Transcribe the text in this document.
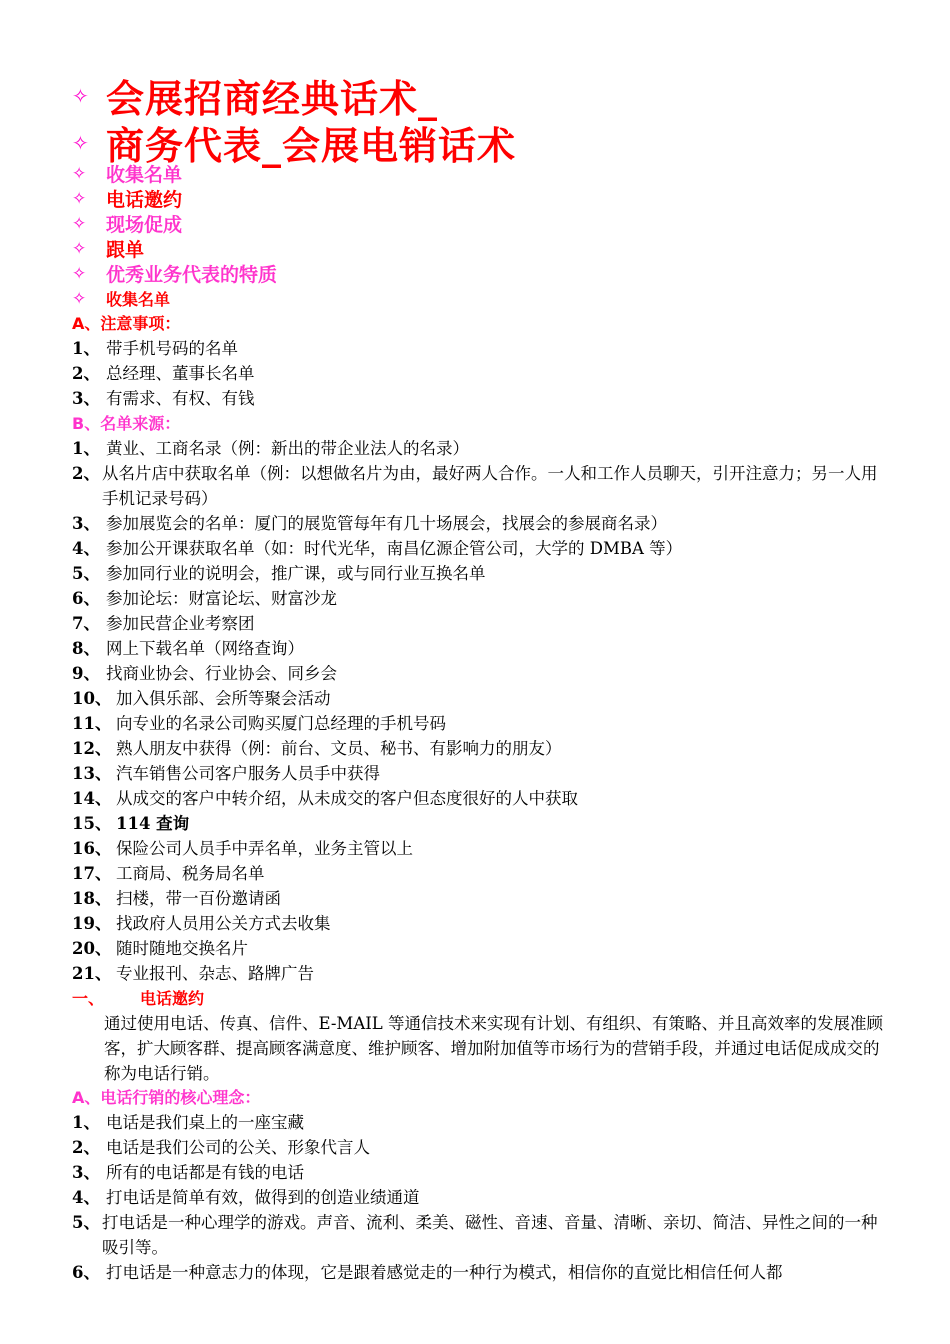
✧ 会展招商经典话术_
✧ 商务代表_会展电销话术
✧	收集名单
✧	电话邀约
✧	现场促成
✧	跟单
✧	优秀业务代表的特质
✧	收集名单
A、注意事项：
1、 带手机号码的名单
2、 总经理、董事长名单
3、 有需求、有权、有钱
B、名单来源：
1、 黄业、工商名录（例：新出的带企业法人的名录）
2、 从名片店中获取名单（例：以想做名片为由，最好两人合作。一人和工作人员聊天，引开注意力；另一人用手机记录号码）
3、 参加展览会的名单：厦门的展览管每年有几十场展会，找展会的参展商名录）
4、 参加公开课获取名单（如：时代光华，南昌亿源企管公司，大学的 DMBA 等）
5、 参加同行业的说明会，推广课，或与同行业互换名单
6、 参加论坛：财富论坛、财富沙龙
7、 参加民营企业考察团
8、 网上下载名单（网络查询）
9、 找商业协会、行业协会、同乡会
10、 加入俱乐部、会所等聚会活动
11、 向专业的名录公司购买厦门总经理的手机号码
12、 熟人朋友中获得（例：前台、文员、秘书、有影响力的朋友）
13、 汽车销售公司客户服务人员手中获得
14、 从成交的客户中转介绍，从未成交的客户但态度很好的人中获取
15、 114 查询
16、 保险公司人员手中弄名单，业务主管以上
17、 工商局、税务局名单
18、 扫楼，带一百份邀请函
19、 找政府人员用公关方式去收集
20、 随时随地交换名片
21、 专业报刊、杂志、路牌广告
一、 电话邀约
通过使用电话、传真、信件、E-MAIL 等通信技术来实现有计划、有组织、有策略、并且高效率的发展准顾客，扩大顾客群、提高顾客满意度、维护顾客、增加附加值等市场行为的营销手段，并通过电话促成成交的称为电话行销。
A、电话行销的核心理念：
1、 电话是我们桌上的一座宝藏
2、 电话是我们公司的公关、形象代言人
3、 所有的电话都是有钱的电话
4、 打电话是简单有效，做得到的创造业绩通道
5、 打电话是一种心理学的游戏。声音、流利、柔美、磁性、音速、音量、清晰、亲切、简洁、异性之间的一种吸引等。
6、 打电话是一种意志力的体现，它是跟着感觉走的一种行为模式，相信你的直觉比相信任何人都
